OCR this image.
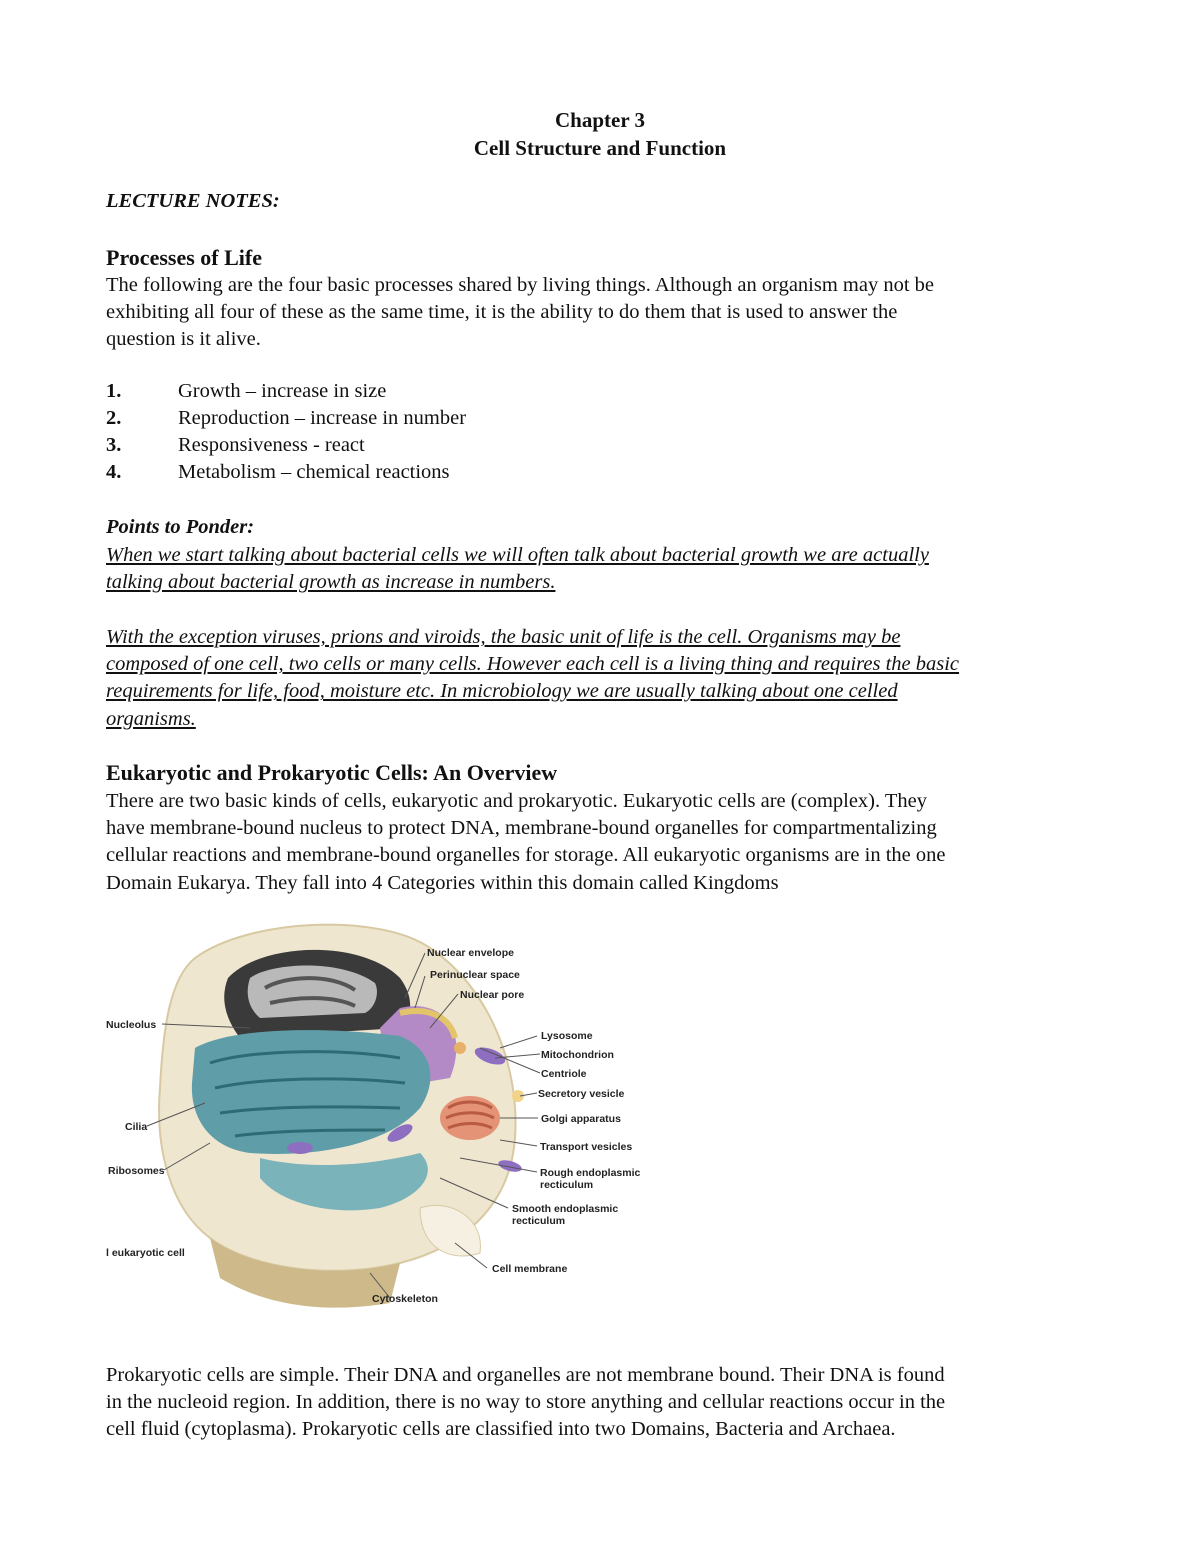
Chapter 3
Cell Structure and Function
LECTURE NOTES:
Processes of Life
The following are the four basic processes shared by living things. Although an organism may not be
exhibiting all four of these as the same time, it is the ability to do them that is used to answer the
question is it alive.
1.	Growth – increase in size
2.	Reproduction – increase in number
3.	Responsiveness - react
4.	Metabolism – chemical reactions
Points to Ponder:
When we start talking about bacterial cells we will often talk about bacterial growth we are actually
talking about bacterial growth as increase in numbers.
With the exception viruses, prions and viroids, the basic unit of life is the cell. Organisms may be
composed of one cell, two cells or many cells. However each cell is a living thing and requires the basic
requirements for life, food, moisture etc. In microbiology we are usually talking about one celled
organisms.
Eukaryotic and Prokaryotic Cells: An Overview
There are two basic kinds of cells, eukaryotic and prokaryotic. Eukaryotic cells are (complex). They
have membrane-bound nucleus to protect DNA, membrane-bound organelles for compartmentalizing
cellular reactions and membrane-bound organelles for storage. All eukaryotic organisms are in the one
Domain Eukarya. They fall into 4 Categories within this domain called Kingdoms
Nuclear envelope
Perinuclear space
Nuclear pore
Nucleolus
Lysosome
Mitochondrion
Centriole
Secretory vesicle
Golgi apparatus
Cilia
Transport vesicles
Ribosomes	Rough endoplasmic
recticulum
Smooth endoplasmic
recticulum
l eukaryotic cell
Cell membrane
Cytoskeleton
Prokaryotic cells are simple. Their DNA and organelles are not membrane bound. Their DNA is found
in the nucleoid region. In addition, there is no way to store anything and cellular reactions occur in the
cell fluid (cytoplasma). Prokaryotic cells are classified into two Domains, Bacteria and Archaea.
